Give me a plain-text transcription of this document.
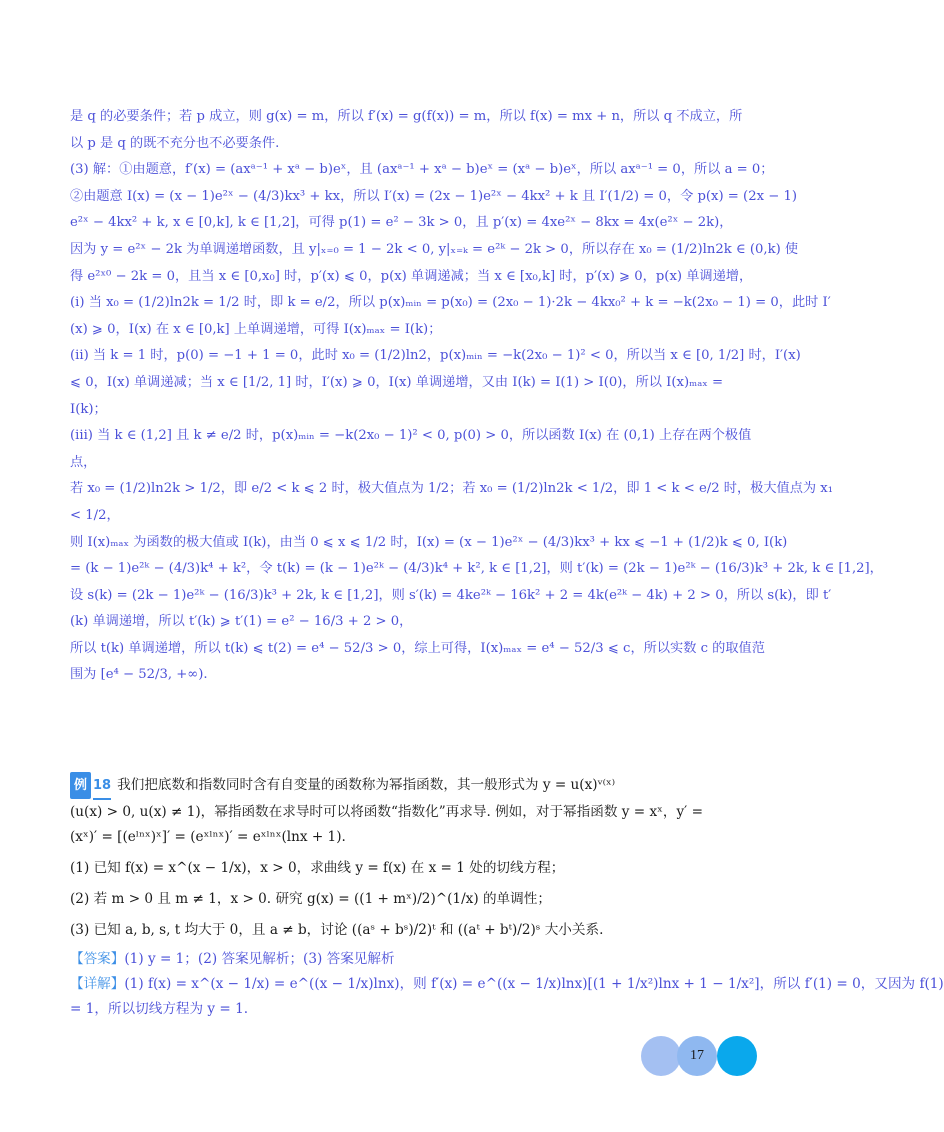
是 q 的必要条件；若 p 成立，则 g(x) = m，所以 f′(x) = g(f(x)) = m，所以 f(x) = mx + n，所以 q 不成立，所

以 p 是 q 的既不充分也不必要条件.

(3) 解：①由题意，f′(x) = (axᵃ⁻¹ + xᵃ − b)eˣ，且 (axᵃ⁻¹ + xᵃ − b)eˣ = (xᵃ − b)eˣ，所以 axᵃ⁻¹ = 0，所以 a = 0；

②由题意 I(x) = (x − 1)e²ˣ − (4/3)kx³ + kx，所以 I′(x) = (2x − 1)e²ˣ − 4kx² + k 且 I′(1/2) = 0，令 p(x) = (2x − 1)

e²ˣ − 4kx² + k, x ∈ [0,k], k ∈ [1,2]，可得 p(1) = e² − 3k > 0，且 p′(x) = 4xe²ˣ − 8kx = 4x(e²ˣ − 2k)，

因为 y = e²ˣ − 2k 为单调递增函数，且 y|ₓ₌₀ = 1 − 2k < 0, y|ₓ₌ₖ = e²ᵏ − 2k > 0，所以存在 x₀ = (1/2)ln2k ∈ (0,k) 使

得 e²ˣ⁰ − 2k = 0，且当 x ∈ [0,x₀] 时，p′(x) ⩽ 0，p(x) 单调递减；当 x ∈ [x₀,k] 时，p′(x) ⩾ 0，p(x) 单调递增，

(i) 当 x₀ = (1/2)ln2k = 1/2 时，即 k = e/2，所以 p(x)ₘᵢₙ = p(x₀) = (2x₀ − 1)·2k − 4kx₀² + k = −k(2x₀ − 1) = 0，此时 I′

(x) ⩾ 0，I(x) 在 x ∈ [0,k] 上单调递增，可得 I(x)ₘₐₓ = I(k)；

(ii) 当 k = 1 时，p(0) = −1 + 1 = 0，此时 x₀ = (1/2)ln2，p(x)ₘᵢₙ = −k(2x₀ − 1)² < 0，所以当 x ∈ [0, 1/2] 时，I′(x)

⩽ 0，I(x) 单调递减；当 x ∈ [1/2, 1] 时，I′(x) ⩾ 0，I(x) 单调递增，又由 I(k) = I(1) > I(0)，所以 I(x)ₘₐₓ =

I(k)；

(iii) 当 k ∈ (1,2] 且 k ≠ e/2 时，p(x)ₘᵢₙ = −k(2x₀ − 1)² < 0, p(0) > 0，所以函数 I(x) 在 (0,1) 上存在两个极值

点，

若 x₀ = (1/2)ln2k > 1/2，即 e/2 < k ⩽ 2 时，极大值点为 1/2；若 x₀ = (1/2)ln2k < 1/2，即 1 < k < e/2 时，极大值点为 x₁

< 1/2，

则 I(x)ₘₐₓ 为函数的极大值或 I(k)，由当 0 ⩽ x ⩽ 1/2 时，I(x) = (x − 1)e²ˣ − (4/3)kx³ + kx ⩽ −1 + (1/2)k ⩽ 0, I(k)

= (k − 1)e²ᵏ − (4/3)k⁴ + k²，令 t(k) = (k − 1)e²ᵏ − (4/3)k⁴ + k², k ∈ [1,2]，则 t′(k) = (2k − 1)e²ᵏ − (16/3)k³ + 2k, k ∈ [1,2]，

设 s(k) = (2k − 1)e²ᵏ − (16/3)k³ + 2k, k ∈ [1,2]，则 s′(k) = 4ke²ᵏ − 16k² + 2 = 4k(e²ᵏ − 4k) + 2 > 0，所以 s(k)，即 t′

(k) 单调递增，所以 t′(k) ⩾ t′(1) = e² − 16/3 + 2 > 0，

所以 t(k) 单调递增，所以 t(k) ⩽ t(2) = e⁴ − 52/3 > 0，综上可得，I(x)ₘₐₓ = e⁴ − 52/3 ⩽ c，所以实数 c 的取值范

围为 [e⁴ − 52/3, +∞).

例 18 我们把底数和指数同时含有自变量的函数称为幂指函数，其一般形式为 y = u(x)ᵛ⁽ˣ⁾

(u(x) > 0, u(x) ≠ 1)，幂指函数在求导时可以将函数“指数化”再求导. 例如，对于幂指函数 y = xˣ，y′ =

(xˣ)′ = [(eˡⁿˣ)ˣ]′ = (eˣˡⁿˣ)′ = eˣˡⁿˣ(lnx + 1).

(1) 已知 f(x) = x^(x − 1/x)，x > 0，求曲线 y = f(x) 在 x = 1 处的切线方程；

(2) 若 m > 0 且 m ≠ 1，x > 0. 研究 g(x) = ((1 + mˣ)/2)^(1/x) 的单调性；

(3) 已知 a, b, s, t 均大于 0，且 a ≠ b，讨论 ((aˢ + bˢ)/2)ᵗ 和 ((aᵗ + bᵗ)/2)ˢ 大小关系.

【答案】(1) y = 1；(2) 答案见解析；(3) 答案见解析

【详解】(1) f(x) = x^(x − 1/x) = e^((x − 1/x)lnx)，则 f′(x) = e^((x − 1/x)lnx)[(1 + 1/x²)lnx + 1 − 1/x²]，所以 f′(1) = 0，又因为 f(1)

= 1，所以切线方程为 y = 1.

17
